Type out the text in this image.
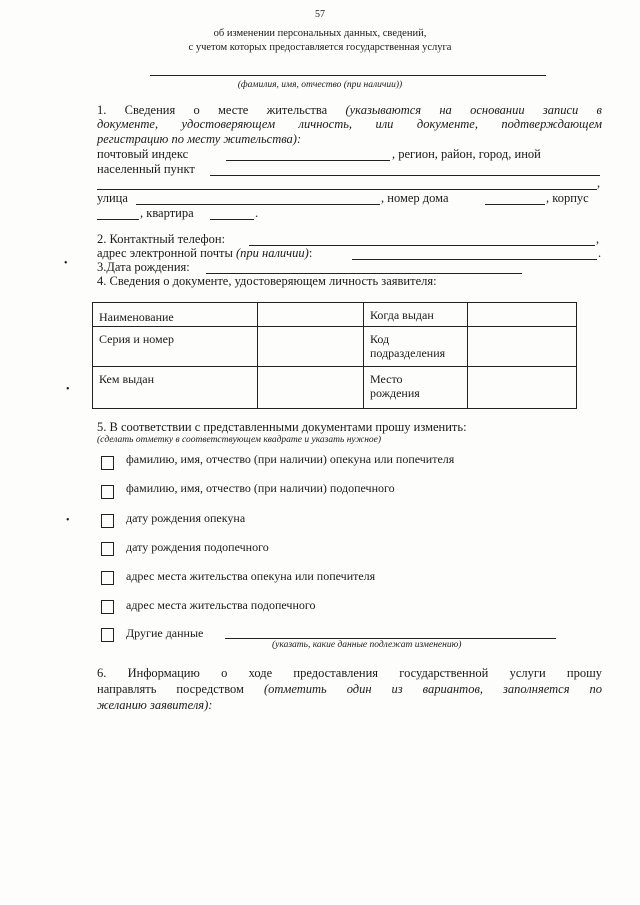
57
об изменении персональных данных, сведений,
с учетом которых предоставляется государственная услуга
(фамилия, имя, отчество (при наличии))
1. Сведения о месте жительства (указываются на основании записи в
документе, удостоверяющем личность, или документе, подтверждающем
регистрацию по месту жительства):
почтовый индекс	, регион, район, город, иной
населенный пункт
,
улица	, номер дома	, корпус
, квартира	.
2. Контактный телефон:	,
адрес электронной почты (при наличии):	.
• 3.Дата рождения:
4. Сведения о документе, удостоверяющем личность заявителя:
Наименование		Когда выдан	
Серия и номер		Код
подразделения	
Кем выдан		Место
рождения	
•
5. В соответствии с представленными документами прошу изменить:
(сделать отметку в соответствующем квадрате и указать нужное)
фамилию, имя, отчество (при наличии) опекуна или попечителя
фамилию, имя, отчество (при наличии) подопечного
•	дату рождения опекуна
дату рождения подопечного
адрес места жительства опекуна или попечителя
адрес места жительства подопечного
Другие данные
(указать, какие данные подлежат изменению)
6. Информацию о ходе предоставления государственной услуги прошу
направлять посредством (отметить один из вариантов, заполняется по
желанию заявителя):
